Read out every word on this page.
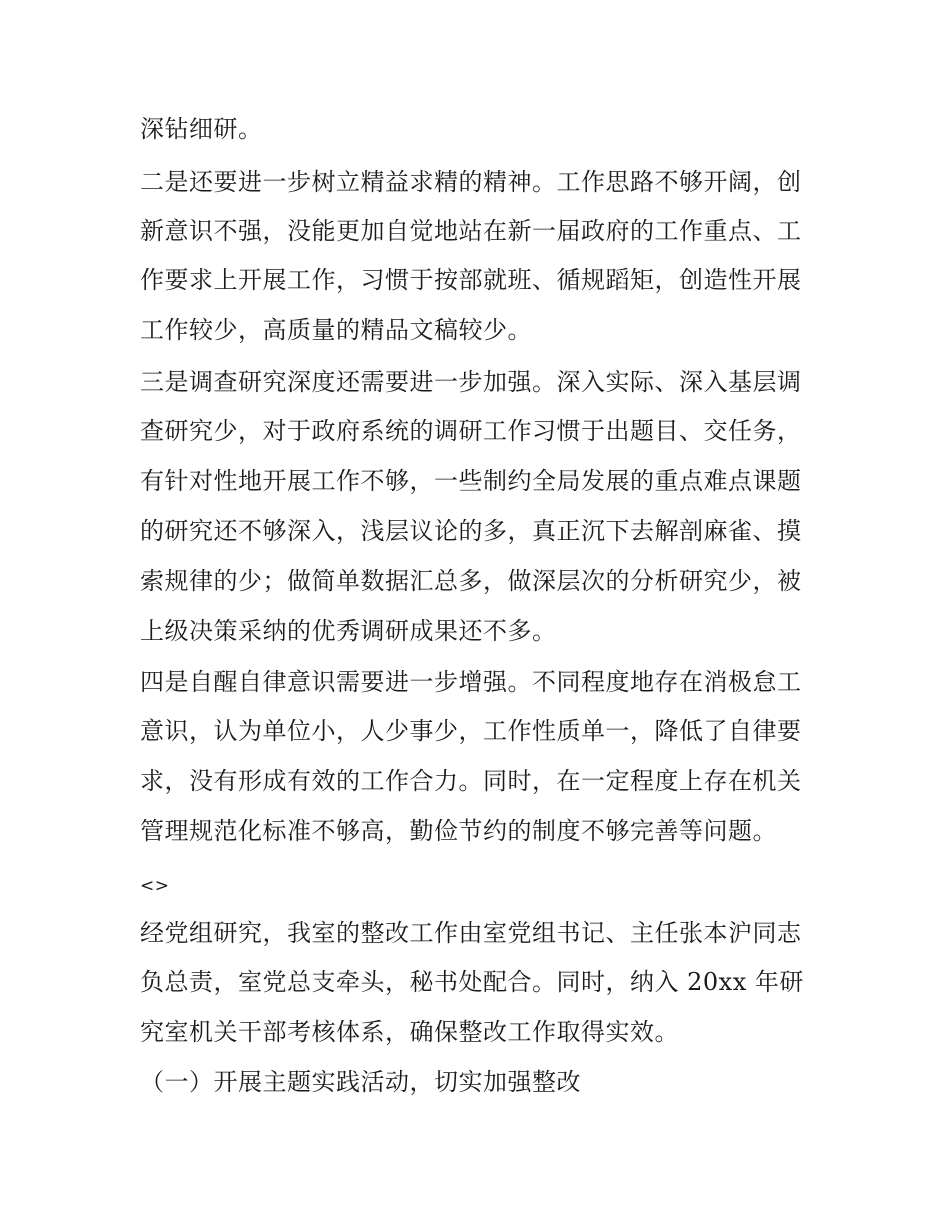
深钻细研。
二是还要进一步树立精益求精的精神。工作思路不够开阔，创
新意识不强，没能更加自觉地站在新一届政府的工作重点、工
作要求上开展工作，习惯于按部就班、循规蹈矩，创造性开展
工作较少，高质量的精品文稿较少。
三是调查研究深度还需要进一步加强。深入实际、深入基层调
查研究少，对于政府系统的调研工作习惯于出题目、交任务，
有针对性地开展工作不够，一些制约全局发展的重点难点课题
的研究还不够深入，浅层议论的多，真正沉下去解剖麻雀、摸
索规律的少；做简单数据汇总多，做深层次的分析研究少，被
上级决策采纳的优秀调研成果还不多。
四是自醒自律意识需要进一步增强。不同程度地存在消极怠工
意识，认为单位小，人少事少，工作性质单一，降低了自律要
求，没有形成有效的工作合力。同时，在一定程度上存在机关
管理规范化标准不够高，勤俭节约的制度不够完善等问题。
<>
经党组研究，我室的整改工作由室党组书记、主任张本沪同志
负总责，室党总支牵头，秘书处配合。同时，纳入 20xx 年研
究室机关干部考核体系，确保整改工作取得实效。
（一）开展主题实践活动，切实加强整改
